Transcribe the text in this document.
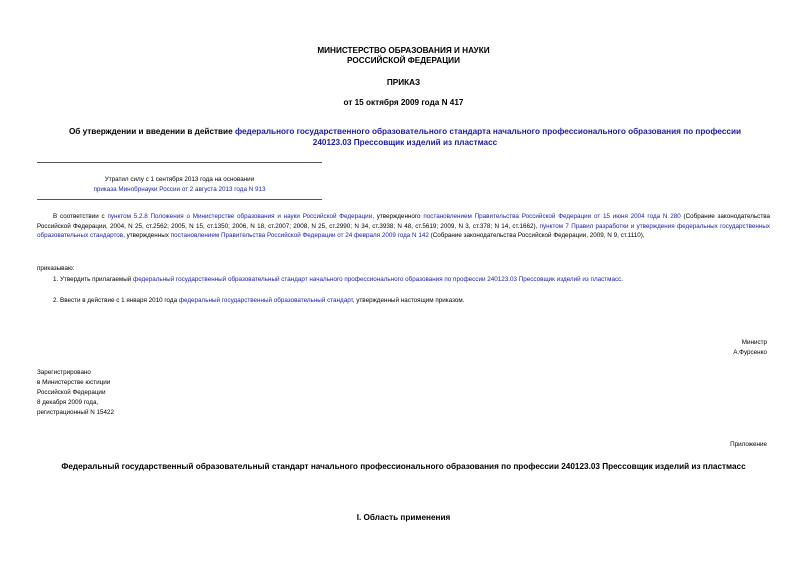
МИНИСТЕРСТВО ОБРАЗОВАНИЯ И НАУКИ
РОССИЙСКОЙ ФЕДЕРАЦИИ
ПРИКАЗ
от 15 октября 2009 года N 417
Об утверждении и введении в действие федерального государственного образовательного стандарта начального профессионального образования по профессии 240123.03 Прессовщик изделий из пластмасс
Утратил силу с 1 сентября 2013 года на основании
приказа Минобрнауки России от 2 августа 2013 года N 913
В соответствии с пунктом 5.2.8 Положения о Министерстве образования и науки Российской Федерации, утвержденного постановлением Правительства Российской Федерации от 15 июня 2004 года N 280 (Собрание законодательства Российской Федерации, 2004, N 25, ст.2562; 2005, N 15, ст.1350; 2006, N 18, ст.2007; 2008, N 25, ст.2990; N 34, ст.3938; N 48, ст.5619; 2009, N 3, ст.378; N 14, ст.1662), пунктом 7 Правил разработки и утверждения федеральных государственных образовательных стандартов, утвержденных постановлением Правительства Российской Федерации от 24 февраля 2009 года N 142 (Собрание законодательства Российской Федерации, 2009, N 9, ст.1110),
приказываю:
1. Утвердить прилагаемый федеральный государственный образовательный стандарт начального профессионального образования по профессии 240123.03 Прессовщик изделий из пластмасс.
2. Ввести в действие с 1 января 2010 года федеральный государственный образовательный стандарт, утвержденный настоящим приказом.
Министр
А.Фурсенко
Зарегистрировано
в Министерстве юстиции
Российской Федерации
8 декабря 2009 года,
регистрационный N 15422
Приложение
Федеральный государственный образовательный стандарт начального профессионального образования по профессии 240123.03 Прессовщик изделий из пластмасс
I. Область применения
